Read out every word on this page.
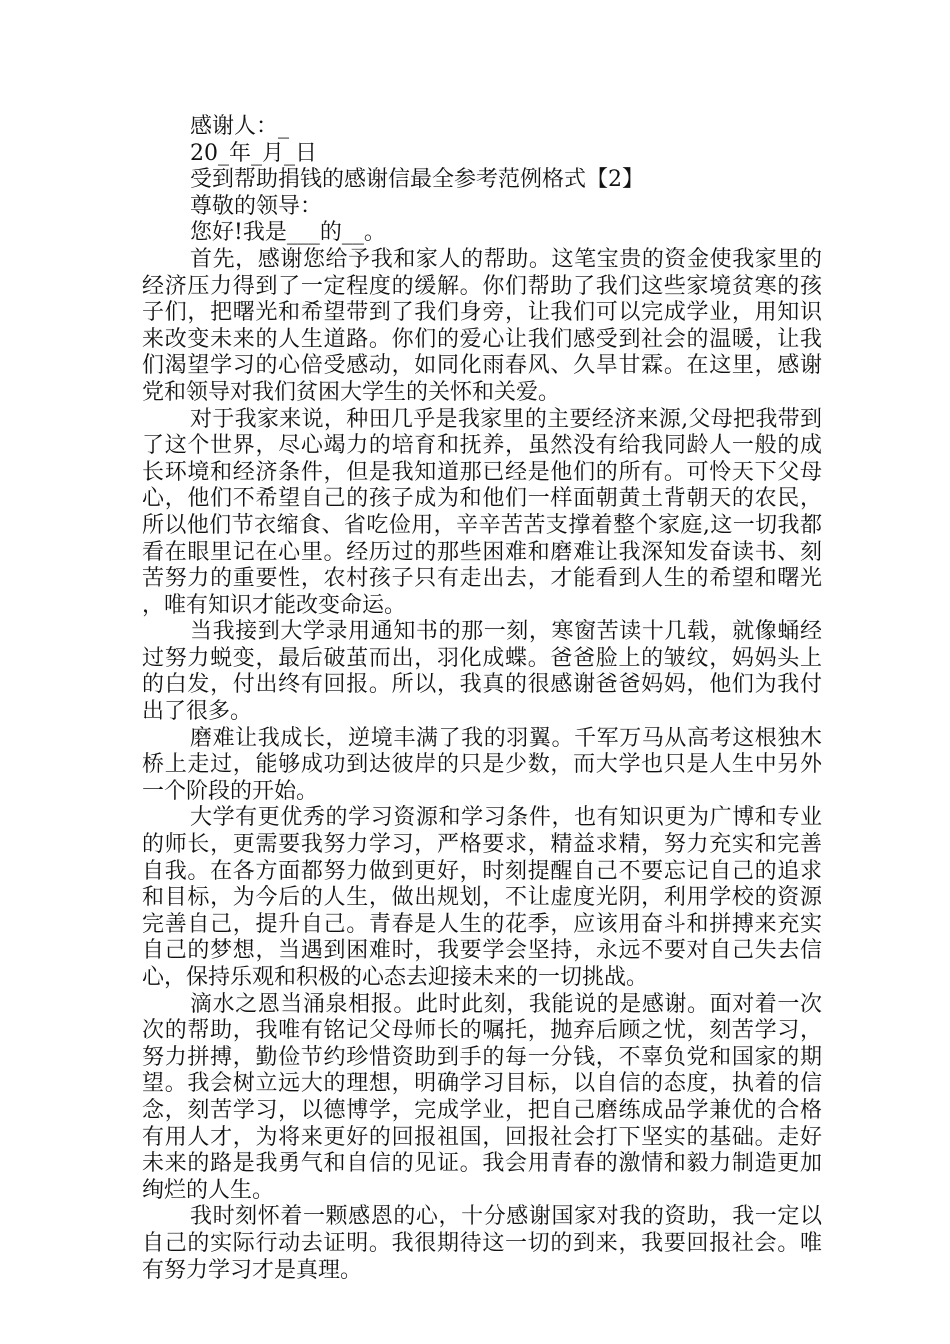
感谢人：_

20_年_月_日

受到帮助捐钱的感谢信最全参考范例格式【2】

尊敬的领导：

您好!我是___的__。

首先，感谢您给予我和家人的帮助。这笔宝贵的资金使我家里的经济压力得到了一定程度的缓解。你们帮助了我们这些家境贫寒的孩子们，把曙光和希望带到了我们身旁，让我们可以完成学业，用知识来改变未来的人生道路。你们的爱心让我们感受到社会的温暖，让我们渴望学习的心倍受感动，如同化雨春风、久旱甘霖。在这里，感谢党和领导对我们贫困大学生的关怀和关爱。

对于我家来说，种田几乎是我家里的主要经济来源,父母把我带到了这个世界，尽心竭力的培育和抚养，虽然没有给我同龄人一般的成长环境和经济条件，但是我知道那已经是他们的所有。可怜天下父母心，他们不希望自己的孩子成为和他们一样面朝黄土背朝天的农民，所以他们节衣缩食、省吃俭用，辛辛苦苦支撑着整个家庭,这一切我都看在眼里记在心里。经历过的那些困难和磨难让我深知发奋读书、刻苦努力的重要性，农村孩子只有走出去，才能看到人生的希望和曙光，唯有知识才能改变命运。

当我接到大学录用通知书的那一刻，寒窗苦读十几载，就像蛹经过努力蜕变，最后破茧而出，羽化成蝶。爸爸脸上的皱纹，妈妈头上的白发，付出终有回报。所以，我真的很感谢爸爸妈妈，他们为我付出了很多。

磨难让我成长，逆境丰满了我的羽翼。千军万马从高考这根独木桥上走过，能够成功到达彼岸的只是少数，而大学也只是人生中另外一个阶段的开始。

大学有更优秀的学习资源和学习条件，也有知识更为广博和专业的师长，更需要我努力学习，严格要求，精益求精，努力充实和完善自我。在各方面都努力做到更好，时刻提醒自己不要忘记自己的追求和目标，为今后的人生，做出规划，不让虚度光阴，利用学校的资源完善自己，提升自己。青春是人生的花季，应该用奋斗和拼搏来充实自己的梦想，当遇到困难时，我要学会坚持，永远不要对自己失去信心，保持乐观和积极的心态去迎接未来的一切挑战。

滴水之恩当涌泉相报。此时此刻，我能说的是感谢。面对着一次次的帮助，我唯有铭记父母师长的嘱托，抛弃后顾之忧，刻苦学习，努力拼搏，勤俭节约珍惜资助到手的每一分钱，不辜负党和国家的期望。我会树立远大的理想，明确学习目标，以自信的态度，执着的信念，刻苦学习，以德博学，完成学业，把自己磨练成品学兼优的合格有用人才，为将来更好的回报祖国，回报社会打下坚实的基础。走好未来的路是我勇气和自信的见证。我会用青春的激情和毅力制造更加绚烂的人生。

我时刻怀着一颗感恩的心，十分感谢国家对我的资助，我一定以自己的实际行动去证明。我很期待这一切的到来，我要回报社会。唯有努力学习才是真理。
